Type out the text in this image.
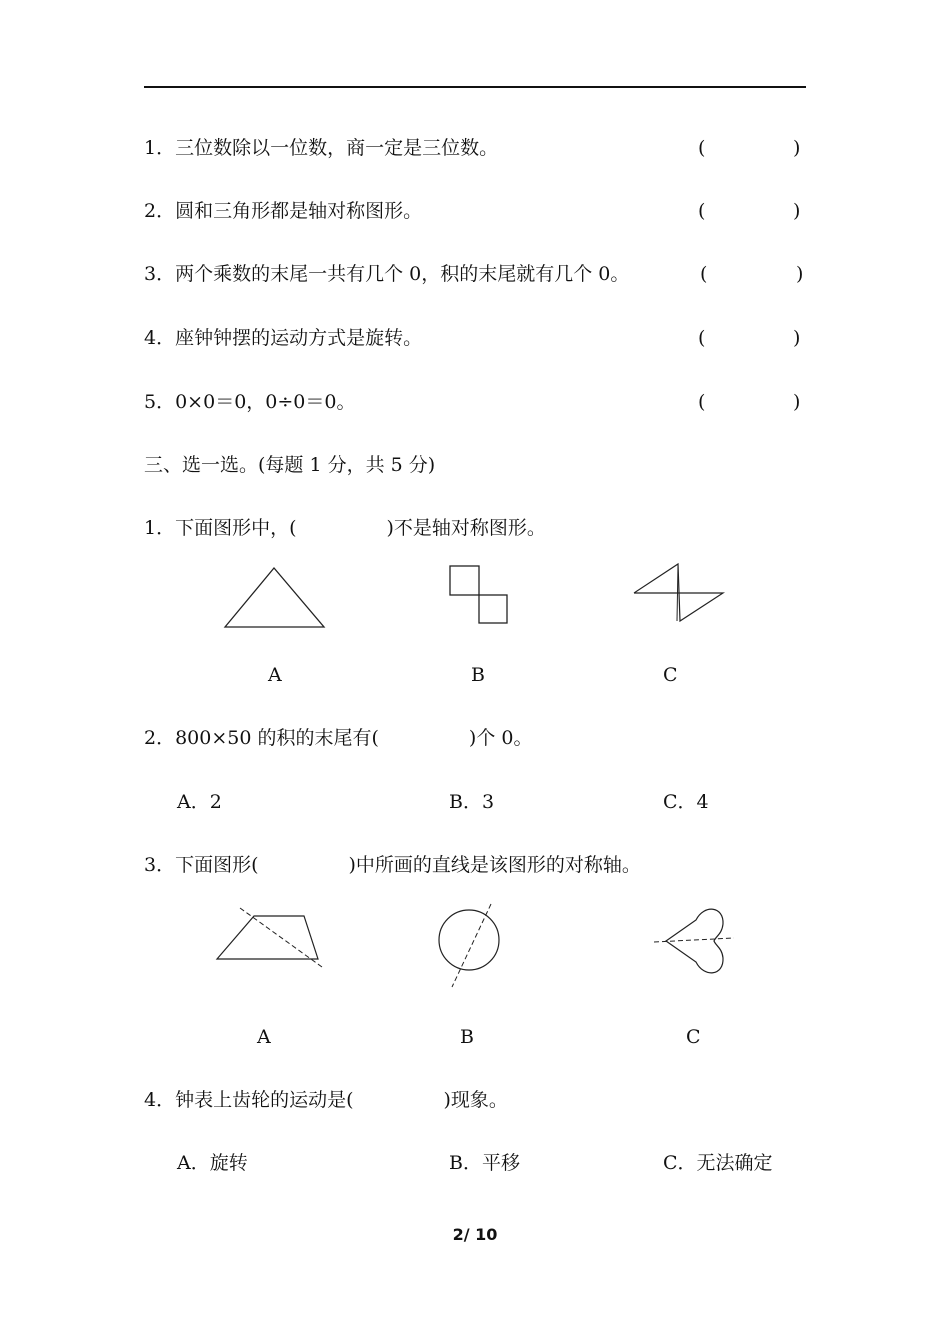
1．三位数除以一位数，商一定是三位数。	(	)
2．圆和三角形都是轴对称图形。	(	)
3．两个乘数的末尾一共有几个 0，积的末尾就有几个 0。	(	)
4．座钟钟摆的运动方式是旋转。	(	)
5．0×0＝0，0÷0＝0。	(	)
三、选一选。(每题 1 分，共 5 分)
1．下面图形中，(	)不是轴对称图形。
A	B	C
2．800×50 的积的末尾有(	)个 0。
A．2	B．3	C．4
3．下面图形(	)中所画的直线是该图形的对称轴。
A	B	C
4．钟表上齿轮的运动是(	)现象。
A．旋转	B．平移	C．无法确定
2/ 10
